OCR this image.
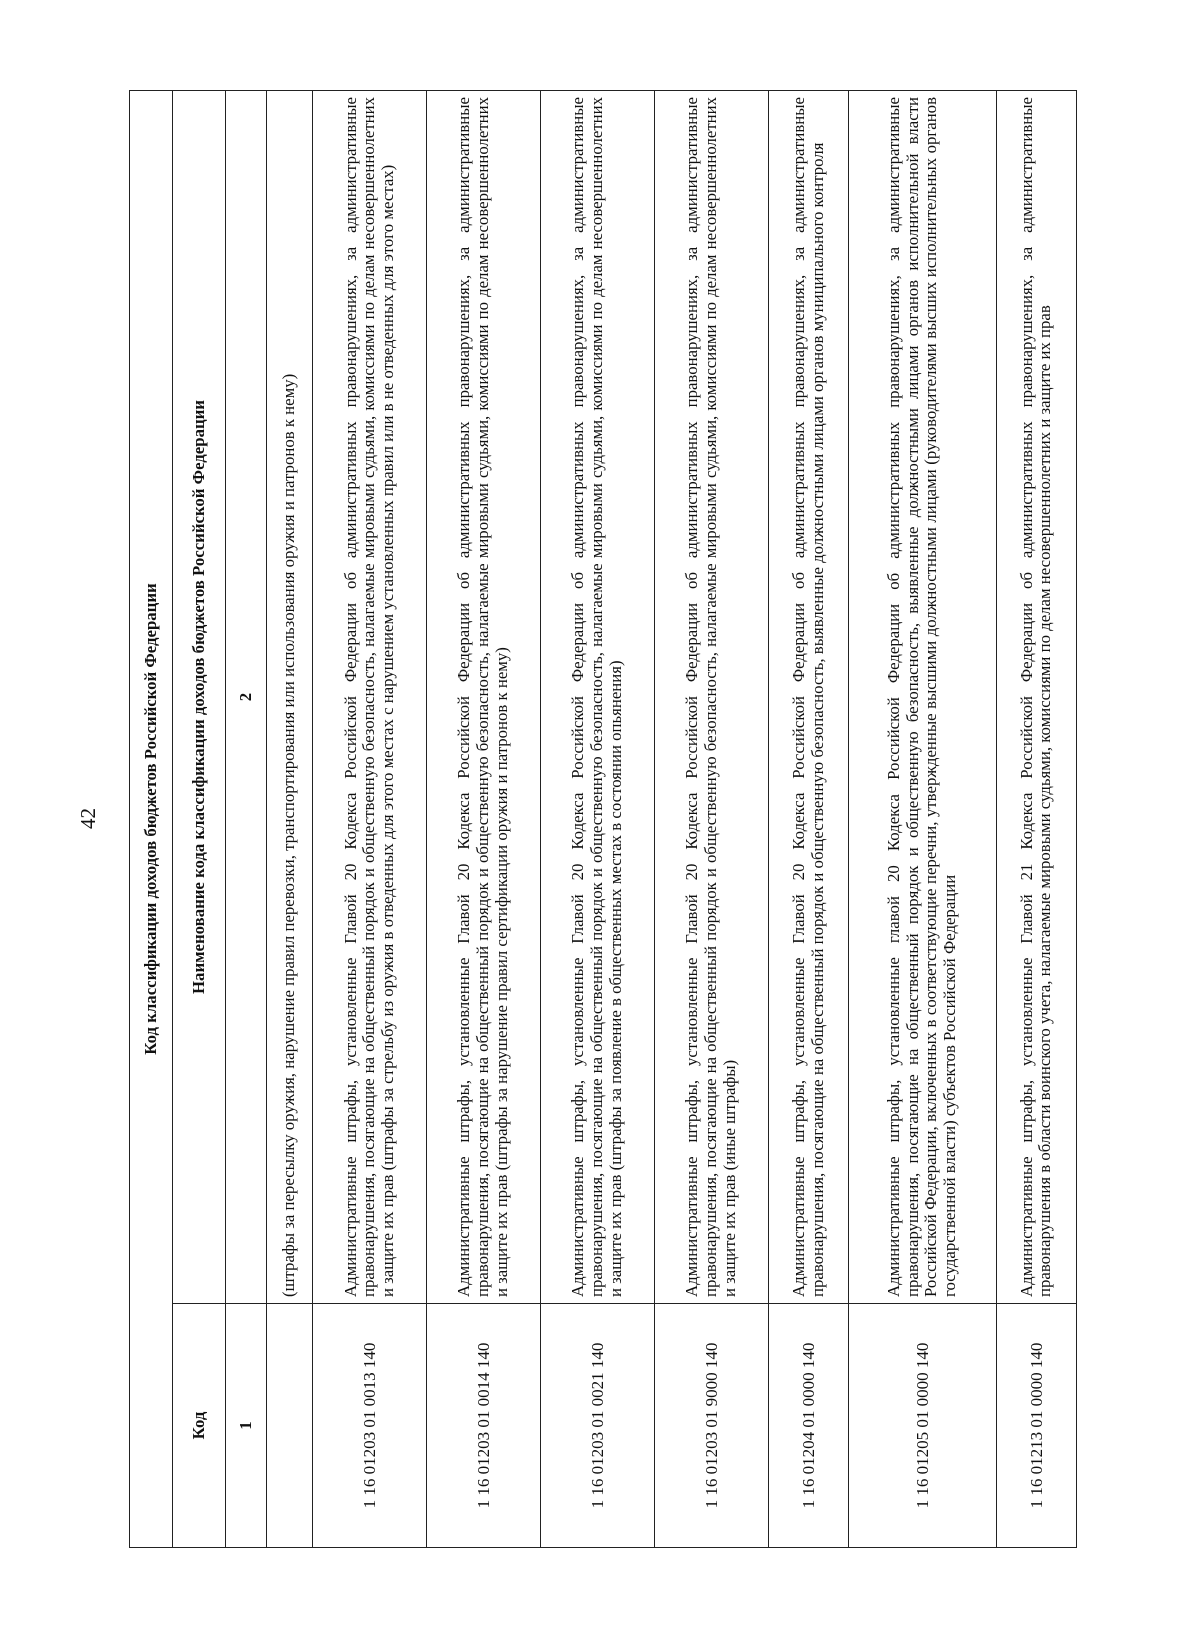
42 Код классификации доходов бюджетов Российской Федерации	
Код	Наименование кода классификации доходов бюджетов Российской Федерации
1	2
	(штрафы за пересылку оружия, нарушение правил перевозки, транспортирования или использования оружия и патронов к нему)
1 16 01203 01 0013 140	Административные штрафы, установленные Главой 20 Кодекса Российской Федерации об административных правонарушениях, за административные правонарушения, посягающие на общественный порядок и общественную безопасность, налагаемые мировыми судьями, комиссиями по делам несовершеннолетних и защите их прав (штрафы за стрельбу из оружия в отведенных для этого местах с нарушением установленных правил или в не отведенных для этого местах)
1 16 01203 01 0014 140	Административные штрафы, установленные Главой 20 Кодекса Российской Федерации об административных правонарушениях, за административные правонарушения, посягающие на общественный порядок и общественную безопасность, налагаемые мировыми судьями, комиссиями по делам несовершеннолетних и защите их прав (штрафы за нарушение правил сертификации оружия и патронов к нему)
1 16 01203 01 0021 140	Административные штрафы, установленные Главой 20 Кодекса Российской Федерации об административных правонарушениях, за административные правонарушения, посягающие на общественный порядок и общественную безопасность, налагаемые мировыми судьями, комиссиями по делам несовершеннолетних и защите их прав (штрафы за появление в общественных местах в состоянии опьянения)
1 16 01203 01 9000 140	Административные штрафы, установленные Главой 20 Кодекса Российской Федерации об административных правонарушениях, за административные правонарушения, посягающие на общественный порядок и общественную безопасность, налагаемые мировыми судьями, комиссиями по делам несовершеннолетних и защите их прав (иные штрафы)
1 16 01204 01 0000 140	Административные штрафы, установленные Главой 20 Кодекса Российской Федерации об административных правонарушениях, за административные правонарушения, посягающие на общественный порядок и общественную безопасность, выявленные должностными лицами органов муниципального контроля
1 16 01205 01 0000 140	Административные штрафы, установленные главой 20 Кодекса Российской Федерации об административных правонарушениях, за административные правонарушения, посягающие на общественный порядок и общественную безопасность, выявленные должностными лицами органов исполнительной власти Российской Федерации, включенных в соответствующие перечни, утвержденные высшими должностными лицами (руководителями высших исполнительных органов государственной власти) субъектов Российской Федерации
1 16 01213 01 0000 140	Административные штрафы, установленные Главой 21 Кодекса Российской Федерации об административных правонарушениях, за административные правонарушения в области воинского учета, налагаемые мировыми судьями, комиссиями по делам несовершеннолетних и защите их прав
